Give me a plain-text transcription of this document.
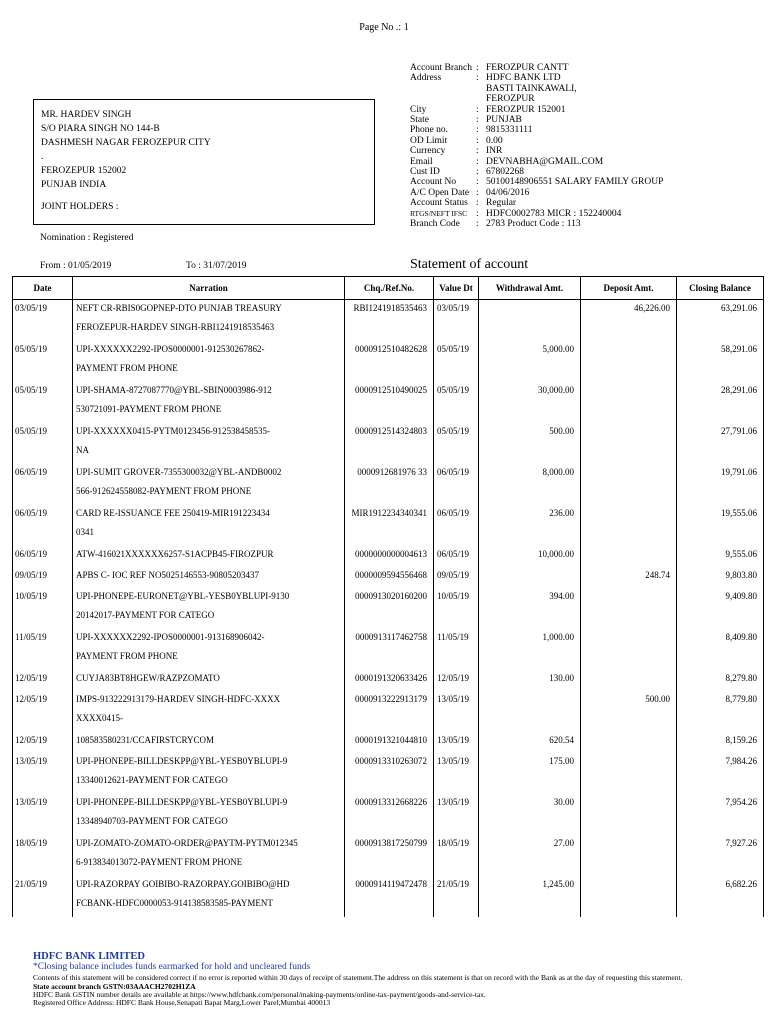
Page No .: 1
Account Branch : FEROZPUR CANTT
Address	: HDFC BANK LTD
BASTI TAINKAWALI,
FEROZPUR
City	: FEROZPUR 152001
State	: PUNJAB
Phone no.	: 9815331111
OD Limit	: 0.00
Currency	: INR
Email	: DEVNABHA@GMAIL.COM
Cust ID	: 67802268
Account No	: 50100148906551 SALARY FAMILY GROUP
A/C Open Date : 04/06/2016
Account Status : Regular
RTGS/NEFT IFSC : HDFC0002783 MICR : 152240004
Branch Code	: 2783 Product Code : 113
MR. HARDEV SINGH
S/O PIARA SINGH NO 144-B
DASHMESH NAGAR FEROZEPUR CITY
.
FEROZEPUR 152002
PUNJAB INDIA
JOINT HOLDERS :
Nomination : Registered
From : 01/05/2019	To : 31/07/2019	Statement of account
Date	Narration	Chq./Ref.No.	Value Dt	Withdrawal Amt.	Deposit Amt.	Closing Balance
03/05/19	NEFT CR-RBIS0GOPNEP-DTO PUNJAB TREASURY
FEROZEPUR-HARDEV SINGH-RBI1241918535463	RBI1241918535463	03/05/19		46,226.00	63,291.06
05/05/19	UPI-XXXXXX2292-IPOS0000001-912530267862-
PAYMENT FROM PHONE	0000912510482628	05/05/19	5,000.00		58,291.06
05/05/19	UPI-SHAMA-8727087770@YBL-SBIN0003986-912
530721091-PAYMENT FROM PHONE	0000912510490025	05/05/19	30,000.00		28,291.06
05/05/19	UPI-XXXXXX0415-PYTM0123456-912538458535-
NA	0000912514324803	05/05/19	500.00		27,791.06
06/05/19	UPI-SUMIT GROVER-7355300032@YBL-ANDB0002
566-912624558082-PAYMENT FROM PHONE	0000912681976 33	06/05/19	8,000.00		19,791.06
06/05/19	CARD RE-ISSUANCE FEE 250419-MIR191223434
0341	MIR1912234340341	06/05/19	236.00		19,555.06
06/05/19	ATW-416021XXXXXX6257-S1ACPB45-FIROZPUR	0000000000004613	06/05/19	10,000.00		9,555.06
09/05/19	APBS C- IOC REF NO5025146553-90805203437	0000009594556468	09/05/19		248.74	9,803.80
10/05/19	UPI-PHONEPE-EURONET@YBL-YESB0YBLUPI-9130
20142017-PAYMENT FOR CATEGO	0000913020160200	10/05/19	394.00		9,409.80
11/05/19	UPI-XXXXXX2292-IPOS0000001-913168906042-
PAYMENT FROM PHONE	0000913117462758	11/05/19	1,000.00		8,409.80
12/05/19	CUYJA83BT8HGEW/RAZPZOMATO	0000191320633426	12/05/19	130.00		8,279.80
12/05/19	IMPS-913222913179-HARDEV SINGH-HDFC-XXXX
XXXX0415-	0000913222913179	13/05/19		500.00	8,779.80
12/05/19	108583580231/CCAFIRSTCRYCOM	0000191321044810	13/05/19	620.54		8,159.26
13/05/19	UPI-PHONEPE-BILLDESKPP@YBL-YESB0YBLUPI-9
13340012621-PAYMENT FOR CATEGO	0000913310263072	13/05/19	175.00		7,984.26
13/05/19	UPI-PHONEPE-BILLDESKPP@YBL-YESB0YBLUPI-9
13348940703-PAYMENT FOR CATEGO	0000913312668226	13/05/19	30.00		7,954.26
18/05/19	UPI-ZOMATO-ZOMATO-ORDER@PAYTM-PYTM012345
6-913834013072-PAYMENT FROM PHONE	0000913817250799	18/05/19	27.00		7,927.26
21/05/19	UPI-RAZORPAY GOIBIBO-RAZORPAY.GOIBIBO@HD
FCBANK-HDFC0000053-914138583585-PAYMENT	0000914119472478	21/05/19	1,245.00		6,682.26
HDFC BANK LIMITED
*Closing balance includes funds earmarked for hold and uncleared funds
Contents of this statement will be considered correct if no error is reported within 30 days of receipt of statement.The address on this statement is that on record with the Bank as at the day of requesting this statement.
State account branch GSTN:03AAACH2702H1ZA
HDFC Bank GSTIN number details are available at https://www.hdfcbank.com/personal/making-payments/online-tax-payment/goods-and-service-tax.
Registered Office Address: HDFC Bank House,Senapati Bapat Marg,Lower Parel,Mumbai 400013
